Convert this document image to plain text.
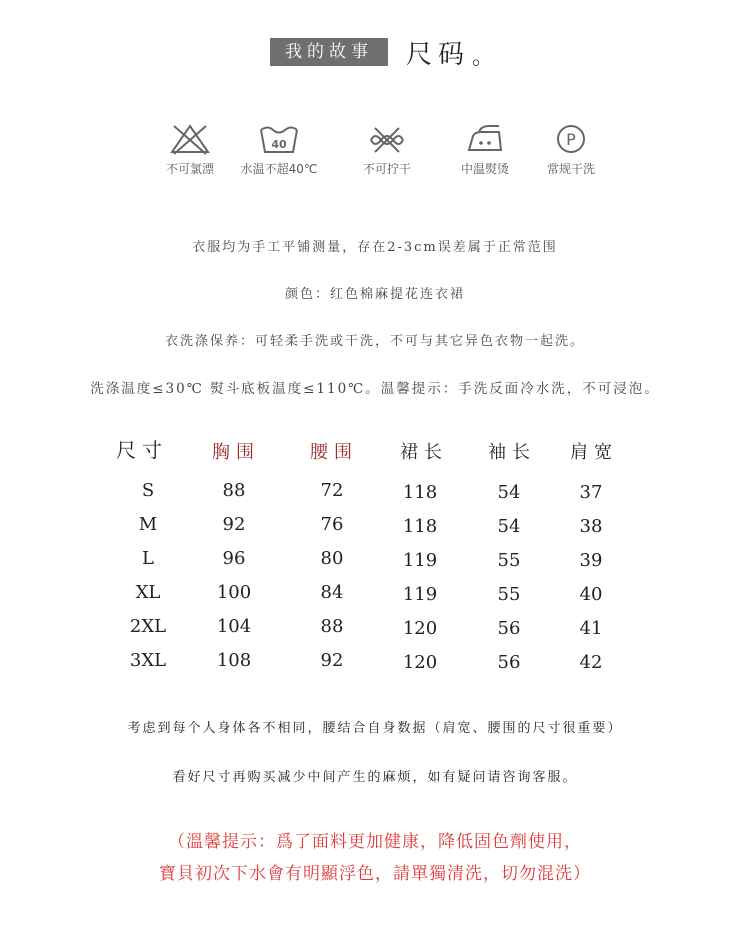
我的故事	尺码 。
不可氯漂
40
水温不超40℃	不可拧干	中温熨烫
P
常规干洗
衣服均为手工平铺测量，存在2-3cm误差属于正常范围
颜色：红色棉麻提花连衣裙
衣洗涤保养：可轻柔手洗或干洗，不可与其它异色衣物一起洗。
洗涤温度≤30℃ 熨斗底板温度≤110℃。温馨提示：手洗反面冷水洗，不可浸泡。
尺寸 胸围	腰围 裙长 袖长 肩宽
S	88	72	118	54	37
M	92	76	118	54	38
L	96	80	119	55	39
XL	100	84	119	55	40
2XL	104	88	120	56	41
3XL	108	92	120	56	42
考虑到每个人身体各不相同，腰结合自身数据（肩宽、腰围的尺寸很重要）
看好尺寸再购买减少中间产生的麻烦，如有疑问请咨询客服。
（溫馨提示：爲了面料更加健康，降低固色劑使用，
寶貝初次下水會有明顯浮色，請單獨清洗，切勿混洗）
